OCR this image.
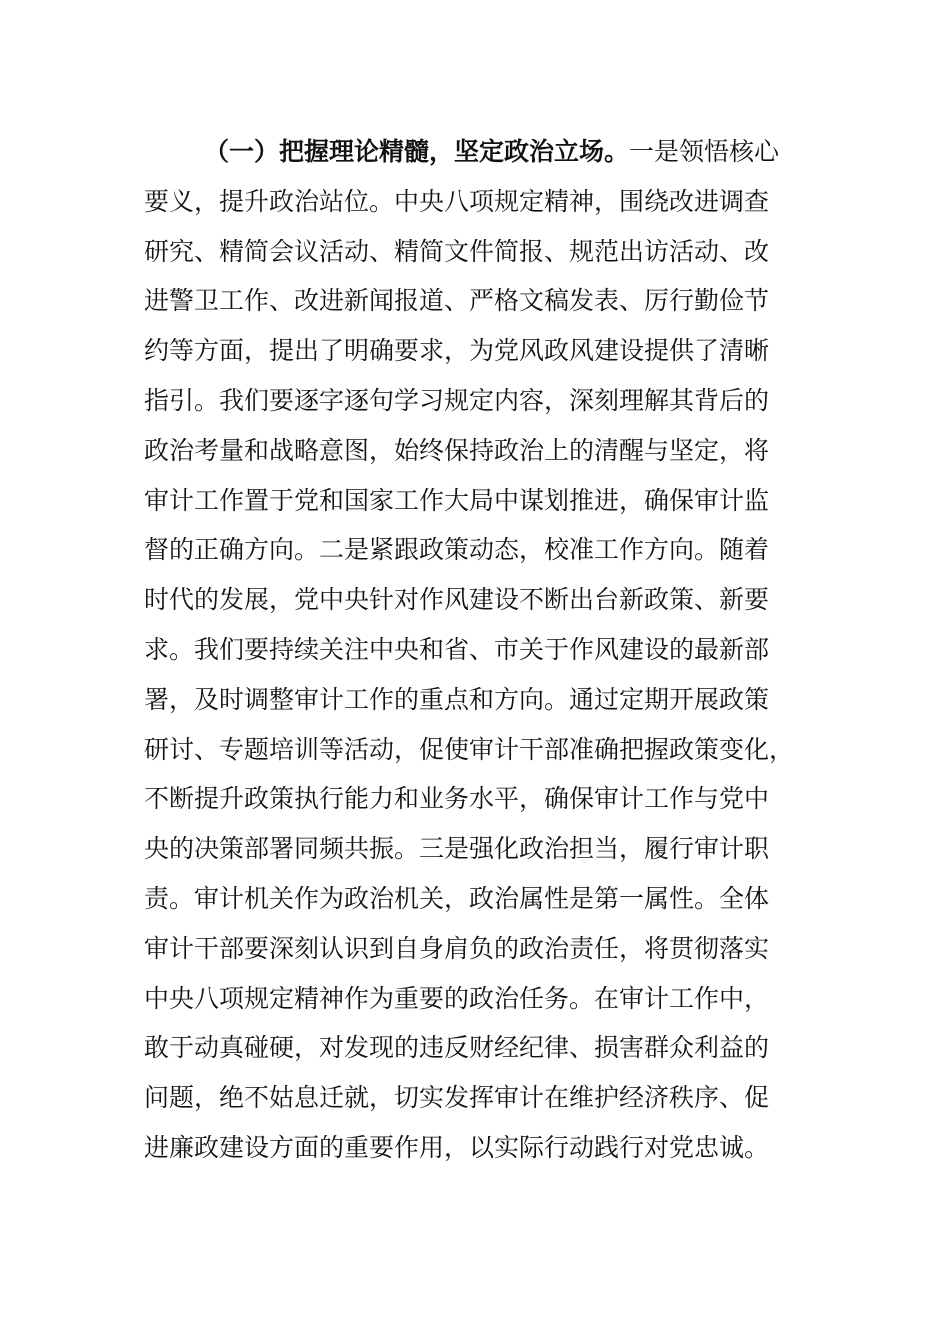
（一）把握理论精髓，坚定政治立场。一是领悟核心
要义，提升政治站位。中央八项规定精神，围绕改进调查
研究、精简会议活动、精简文件简报、规范出访活动、改
进警卫工作、改进新闻报道、严格文稿发表、厉行勤俭节
约等方面，提出了明确要求，为党风政风建设提供了清晰
指引。我们要逐字逐句学习规定内容，深刻理解其背后的
政治考量和战略意图，始终保持政治上的清醒与坚定，将
审计工作置于党和国家工作大局中谋划推进，确保审计监
督的正确方向。二是紧跟政策动态，校准工作方向。随着
时代的发展，党中央针对作风建设不断出台新政策、新要
求。我们要持续关注中央和省、市关于作风建设的最新部
署，及时调整审计工作的重点和方向。通过定期开展政策
研讨、专题培训等活动，促使审计干部准确把握政策变化，
不断提升政策执行能力和业务水平，确保审计工作与党中
央的决策部署同频共振。三是强化政治担当，履行审计职
责。审计机关作为政治机关，政治属性是第一属性。全体
审计干部要深刻认识到自身肩负的政治责任，将贯彻落实
中央八项规定精神作为重要的政治任务。在审计工作中，
敢于动真碰硬，对发现的违反财经纪律、损害群众利益的
问题，绝不姑息迁就，切实发挥审计在维护经济秩序、促
进廉政建设方面的重要作用，以实际行动践行对党忠诚。
